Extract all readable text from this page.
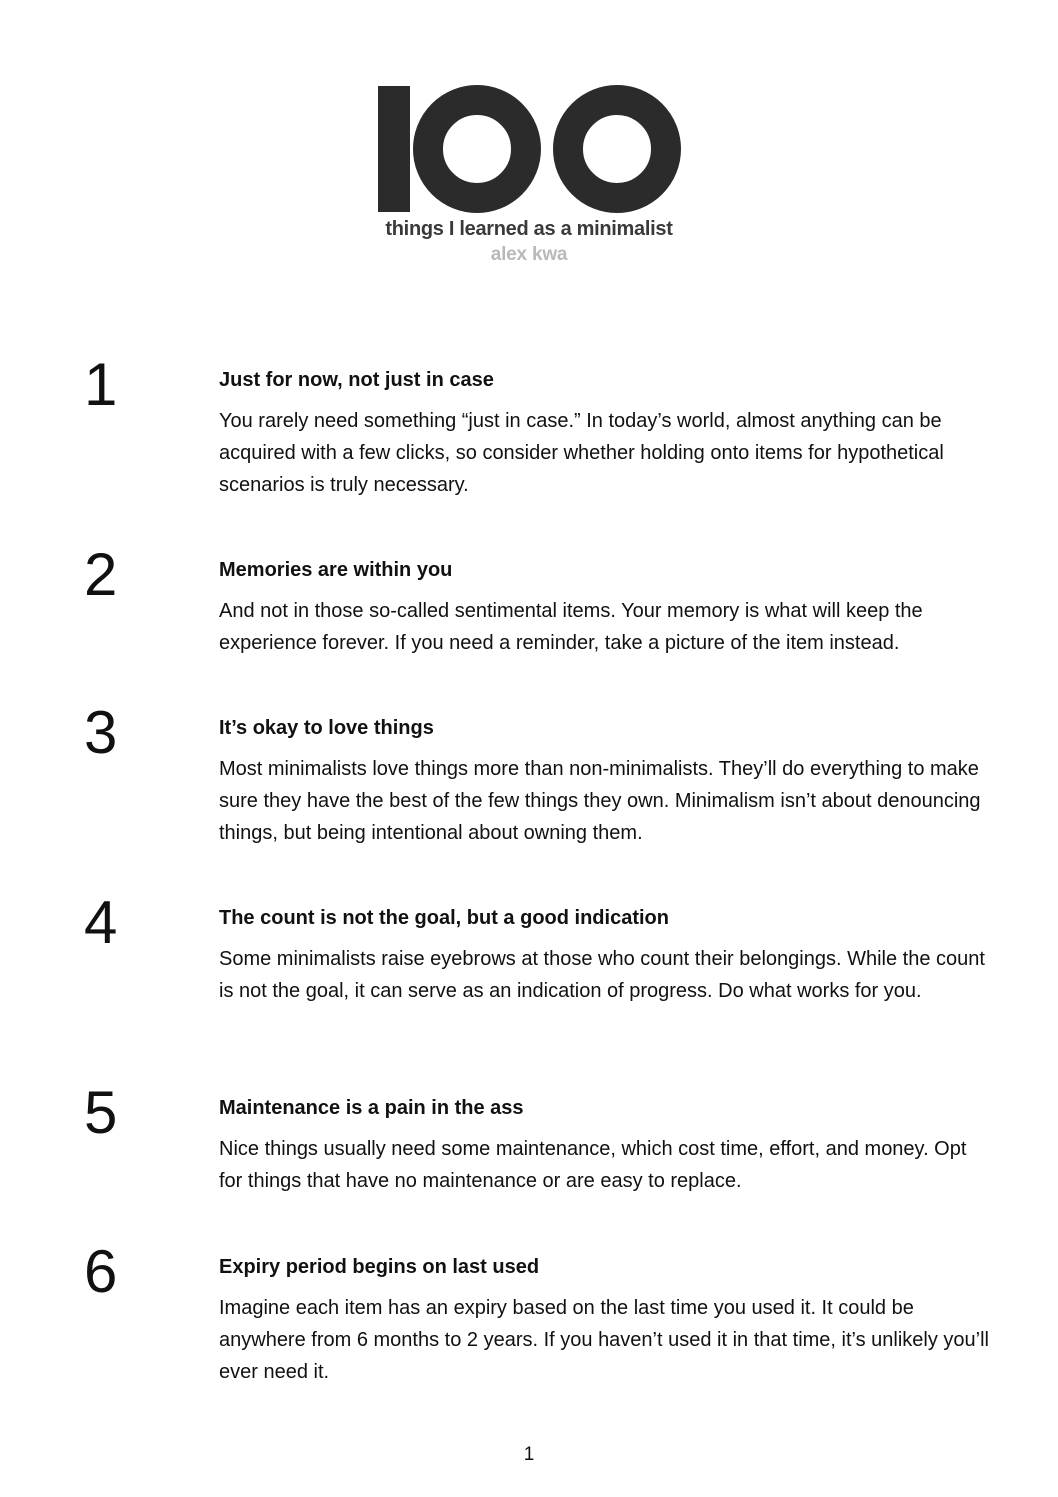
things I learned as a minimalist
alex kwa
1	Just for now, not just in case
You rarely need something “just in case.” In today’s world, almost anything can be acquired with a few clicks, so consider whether holding onto items for hypothetical scenarios is truly necessary.
2	Memories are within you
And not in those so-called sentimental items. Your memory is what will keep the experience forever. If you need a reminder, take a picture of the item instead.
3	It’s okay to love things
Most minimalists love things more than non-minimalists. They’ll do everything to make sure they have the best of the few things they own. Minimalism isn’t about denouncing things, but being intentional about owning them.
4	The count is not the goal, but a good indication
Some minimalists raise eyebrows at those who count their belongings. While the count is not the goal, it can serve as an indication of progress. Do what works for you.
5	Maintenance is a pain in the ass
Nice things usually need some maintenance, which cost time, effort, and money. Opt for things that have no maintenance or are easy to replace.
6	Expiry period begins on last used
Imagine each item has an expiry based on the last time you used it. It could be anywhere from 6 months to 2 years. If you haven’t used it in that time, it’s unlikely you’ll ever need it.
1
